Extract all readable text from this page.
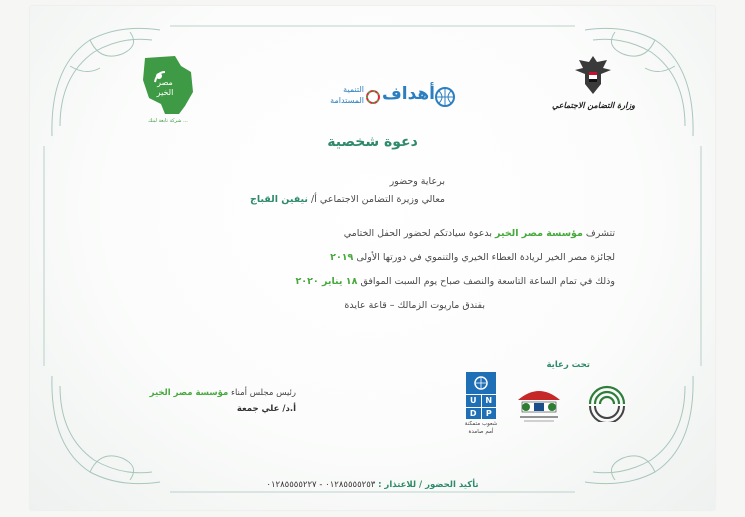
مصر
الخير
شركة تابعة لبنك ...
أهداف
التنمية
المستدامة	وزارة التضامن الاجتماعي
دعوة شخصية
برعاية وحضور
معالي وزيرة التضامن الاجتماعي أ/ نيفين القباج
تتشرف مؤسسة مصر الخير بدعوة سيادتكم لحضور الحفل الختامي
لجائزة مصر الخير لريادة العطاء الخيري والتنموي في دورتها الأولى ٢٠١٩
وذلك في تمام الساعة التاسعة والنصف صباح يوم السبت الموافق ١٨ يناير ٢٠٢٠
بفندق ماريوت الزمالك – قاعة عايدة
رئيس مجلس أمناء مؤسسة مصر الخير
أ.د/ علي جمعة
تحت رعاية
U	N
D	P
شعوب متمكنة
أمم صامدة
تأكيد الحضور / للاعتذار : ٠١٢٨٥٥٥٥٢٥٣ - ٠١٢٨٥٥٥٥٢٢٧
